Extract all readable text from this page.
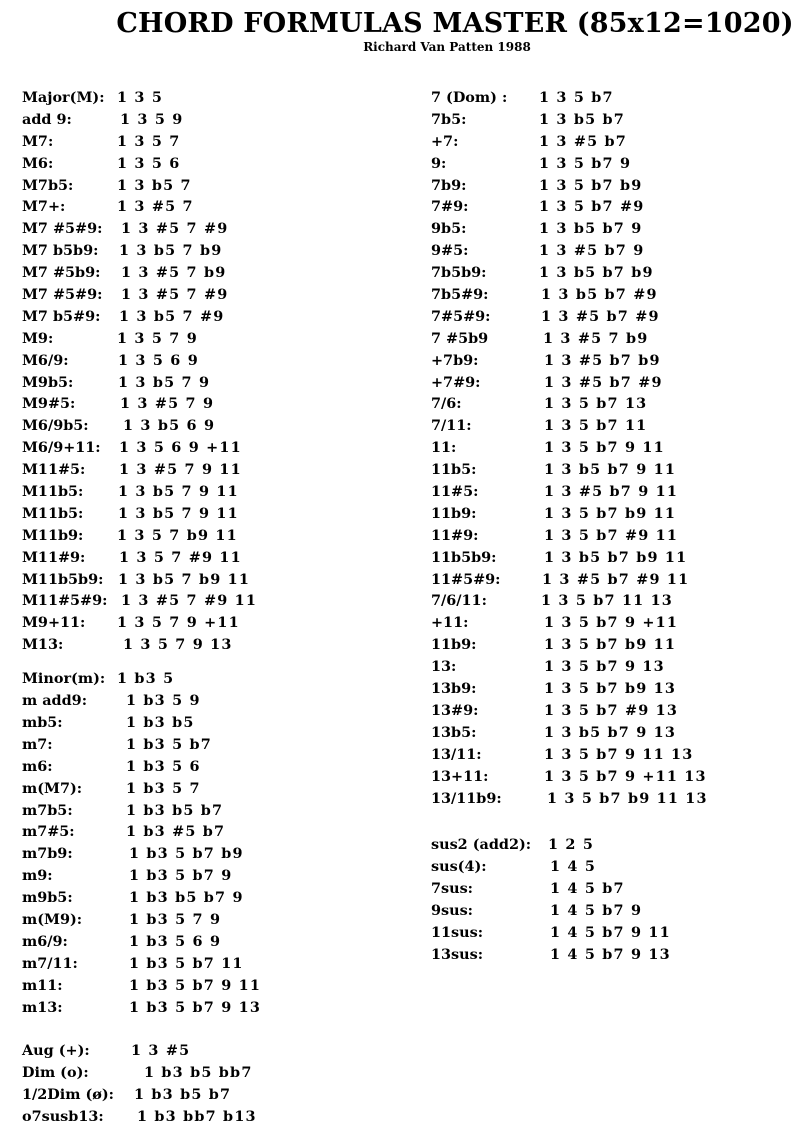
CHORD FORMULAS MASTER (85x12=1020)
Richard Van Patten 1988
Major(M): 1 3 5
add 9:	1 3 5 9
M7:	1 3 5 7
M6:	1 3 5 6
M7b5:	1 3 b5 7
M7+:	1 3 #5 7
M7 #5#9: 1 3 #5 7 #9
M7 b5b9: 1 3 b5 7 b9
M7 #5b9: 1 3 #5 7 b9
M7 #5#9: 1 3 #5 7 #9
M7 b5#9: 1 3 b5 7 #9
M9:	1 3 5 7 9
M6/9:	1 3 5 6 9
M9b5:	1 3 b5 7 9
M9#5:	1 3 #5 7 9
M6/9b5: 1 3 b5 6 9
M6/9+11: 1 3 5 6 9 +11
M11#5: 1 3 #5 7 9 11
M11b5: 1 3 b5 7 9 11
M11b5: 1 3 b5 7 9 11
M11b9: 1 3 5 7 b9 11
M11#9: 1 3 5 7 #9 11
M11b5b9: 1 3 b5 7 b9 11
M11#5#9: 1 3 #5 7 #9 11
M9+11: 1 3 5 7 9 +11
M13:	1 3 5 7 9 13
Minor(m): 1 b3 5
m add9:	1 b3 5 9
mb5:	1 b3 b5
m7:	1 b3 5 b7
m6:	1 b3 5 6
m(M7):	1 b3 5 7
m7b5:	1 b3 b5 b7
m7#5:	1 b3 #5 b7
m7b9:	1 b3 5 b7 b9
m9:	1 b3 5 b7 9
m9b5:	1 b3 b5 b7 9
m(M9):	1 b3 5 7 9
m6/9:	1 b3 5 6 9
m7/11:	1 b3 5 b7 11
m11:	1 b3 5 b7 9 11
m13:	1 b3 5 b7 9 13
Aug (+):	1 3 #5
Dim (o):	1 b3 b5 bb7
1/2Dim (ø): 1 b3 b5 b7
o7susb13: 1 b3 bb7 b13
7 (Dom) : 1 3 5 b7
7b5:	1 3 b5 b7
+7:	1 3 #5 b7
9:	1 3 5 b7 9
7b9:	1 3 5 b7 b9
7#9:	1 3 5 b7 #9
9b5:	1 3 b5 b7 9
9#5:	1 3 #5 b7 9
7b5b9:	1 3 b5 b7 b9
7b5#9:	1 3 b5 b7 #9
7#5#9:	1 3 #5 b7 #9
7 #5b9	1 3 #5 7 b9
+7b9:	1 3 #5 b7 b9
+7#9:	1 3 #5 b7 #9
7/6:	1 3 5 b7 13
7/11:	1 3 5 b7 11
11:	1 3 5 b7 9 11
11b5:	1 3 b5 b7 9 11
11#5:	1 3 #5 b7 9 11
11b9:	1 3 5 b7 b9 11
11#9:	1 3 5 b7 #9 11
11b5b9:	1 3 b5 b7 b9 11
11#5#9:	1 3 #5 b7 #9 11
7/6/11:	1 3 5 b7 11 13
+11:	1 3 5 b7 9 +11
11b9:	1 3 5 b7 b9 11
13:	1 3 5 b7 9 13
13b9:	1 3 5 b7 b9 13
13#9:	1 3 5 b7 #9 13
13b5:	1 3 b5 b7 9 13
13/11:	1 3 5 b7 9 11 13
13+11:	1 3 5 b7 9 +11 13
13/11b9:	1 3 5 b7 b9 11 13
sus2 (add2): 1 2 5
sus(4):	1 4 5
7sus:	1 4 5 b7
9sus:	1 4 5 b7 9
11sus:	1 4 5 b7 9 11
13sus:	1 4 5 b7 9 13
